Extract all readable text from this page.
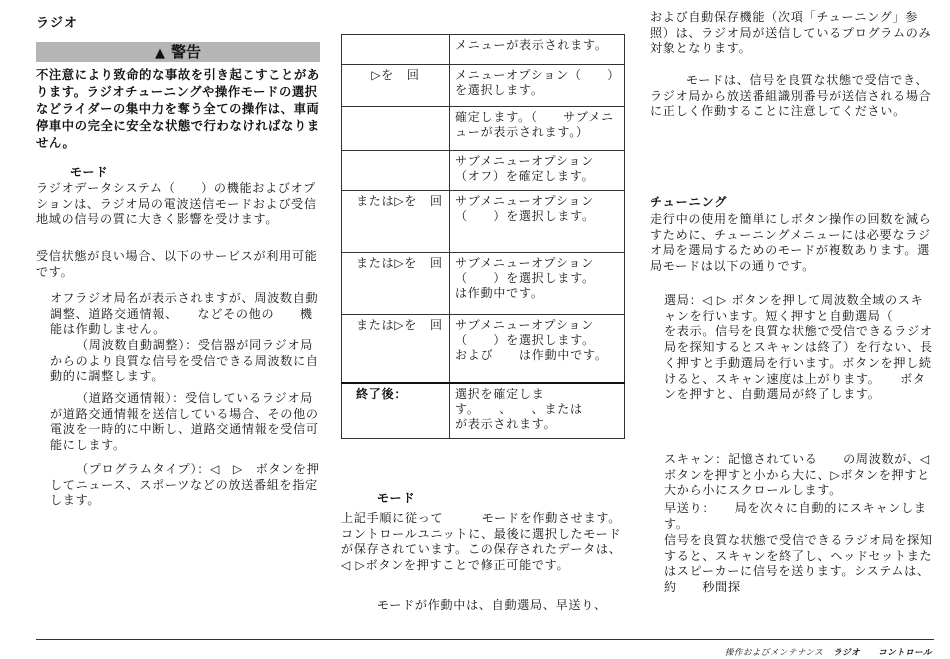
ラジオ
▲ 警告
不注意により致命的な事故を引き起こすことがあります。ラジオチューニングや操作モードの選択などライダーの集中力を奪う全ての操作は、車両停車中の完全に安全な状態で行わなければなりません。
モード

ラジオデータシステム（　　）の機能およびオプションは、ラジオ局の電波送信モードおよび受信地域の信号の質に大きく影響を受けます。

受信状態が良い場合、以下のサービスが利用可能です。

オフラジオ局名が表示されますが、周波数自動調整、道路交通情報、　　などその他の　　機能は作動しません。
（周波数自動調整）：受信器が同ラジオ局からのより良質な信号を受信できる周波数に自動的に調整します。
（道路交通情報）：受信しているラジオ局が道路交通情報を送信している場合、その他の電波を一時的に中断し、道路交通情報を受信可能にします。
（プログラムタイプ）：◁　▷　ボタンを押してニュース、スポーツなどの放送番組を指定します。
	メニューが表示されます。
▷を　回	メニューオプション（　　）を選択します。
	確定します。（　　サブメニューが表示されます。）
	サブメニューオプション（オフ）を確定します。
または▷を　回	サブメニューオプション（　　）を選択します。
または▷を　回	サブメニューオプション（　　）を選択します。　　は作動中です。
または▷を　回	サブメニューオプション（　　）を選択します。　　および　　は作動中です。
終了後：	選択を確定します。　　、　　、または　　が表示されます。
モード

上記手順に従って　　　モードを作動させます。コントロールユニットに、最後に選択したモードが保存されています。この保存されたデータは、◁ ▷ボタンを押すことで修正可能です。

モードが作動中は、自動選局、早送り、

および自動保存機能（次項「チューニング」参照）は、ラジオ局が送信しているプログラムのみ対象となります。

モードは、信号を良質な状態で受信でき、ラジオ局から放送番組識別番号が送信される場合に正しく作動することに注意してください。

チューニング

走行中の使用を簡単にしボタン操作の回数を減らすために、チューニングメニューには必要なラジオ局を選局するためのモードが複数あります。選局モードは以下の通りです。

選局：◁ ▷ ボタンを押して周波数全域のスキャンを行います。短く押すと自動選局（　　　　を表示。信号を良質な状態で受信できるラジオ局を探知するとスキャンは終了）を行ない、長く押すと手動選局を行います。ボタンを押し続けると、スキャン速度は上がります。　　ボタンを押すと、自動選局が終了します。
スキャン：記憶されている　　の周波数が、◁ボタンを押すと小から大に、▷ボタンを押すと大から小にスクロールします。
早送り：　　局を次々に自動的にスキャンします。
信号を良質な状態で受信できるラジオ局を探知すると、スキャンを終了し、ヘッドセットまたはスピーカーに信号を送ります。システムは、約　　秒間探
操作およびメンテナンス ラジオ　　コントロール
